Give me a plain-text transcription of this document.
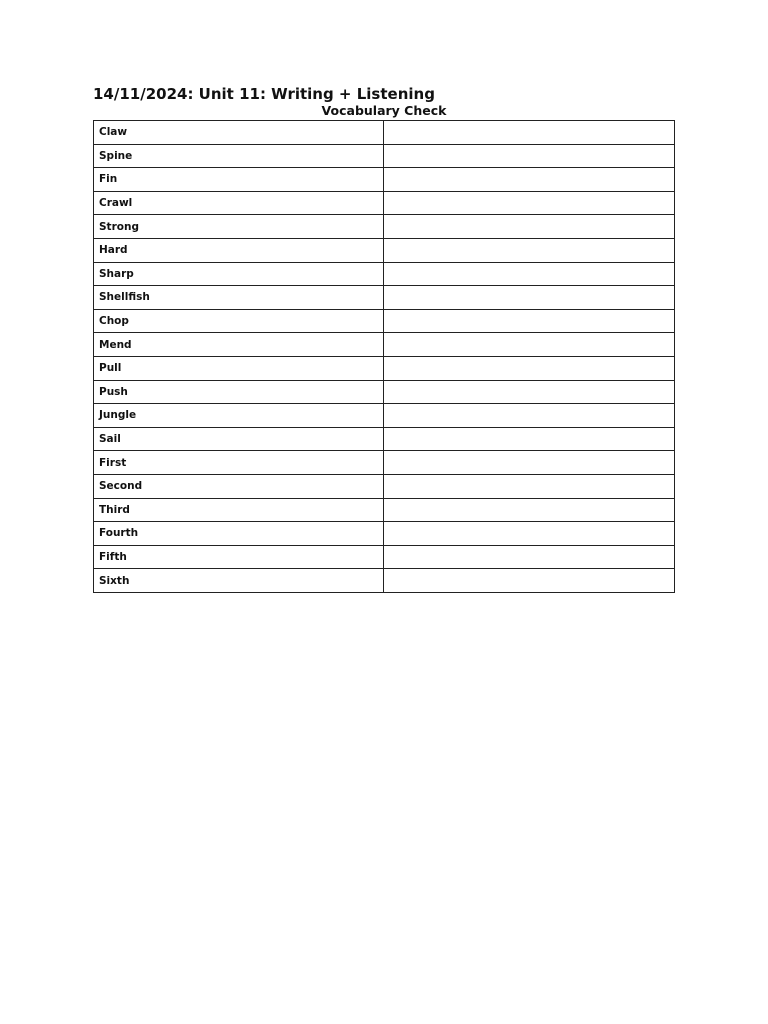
14/11/2024: Unit 11: Writing + Listening
Vocabulary Check
Claw	
Spine	
Fin	
Crawl	
Strong	
Hard	
Sharp	
Shellfish	
Chop	
Mend	
Pull	
Push	
Jungle	
Sail	
First	
Second	
Third	
Fourth	
Fifth	
Sixth	
